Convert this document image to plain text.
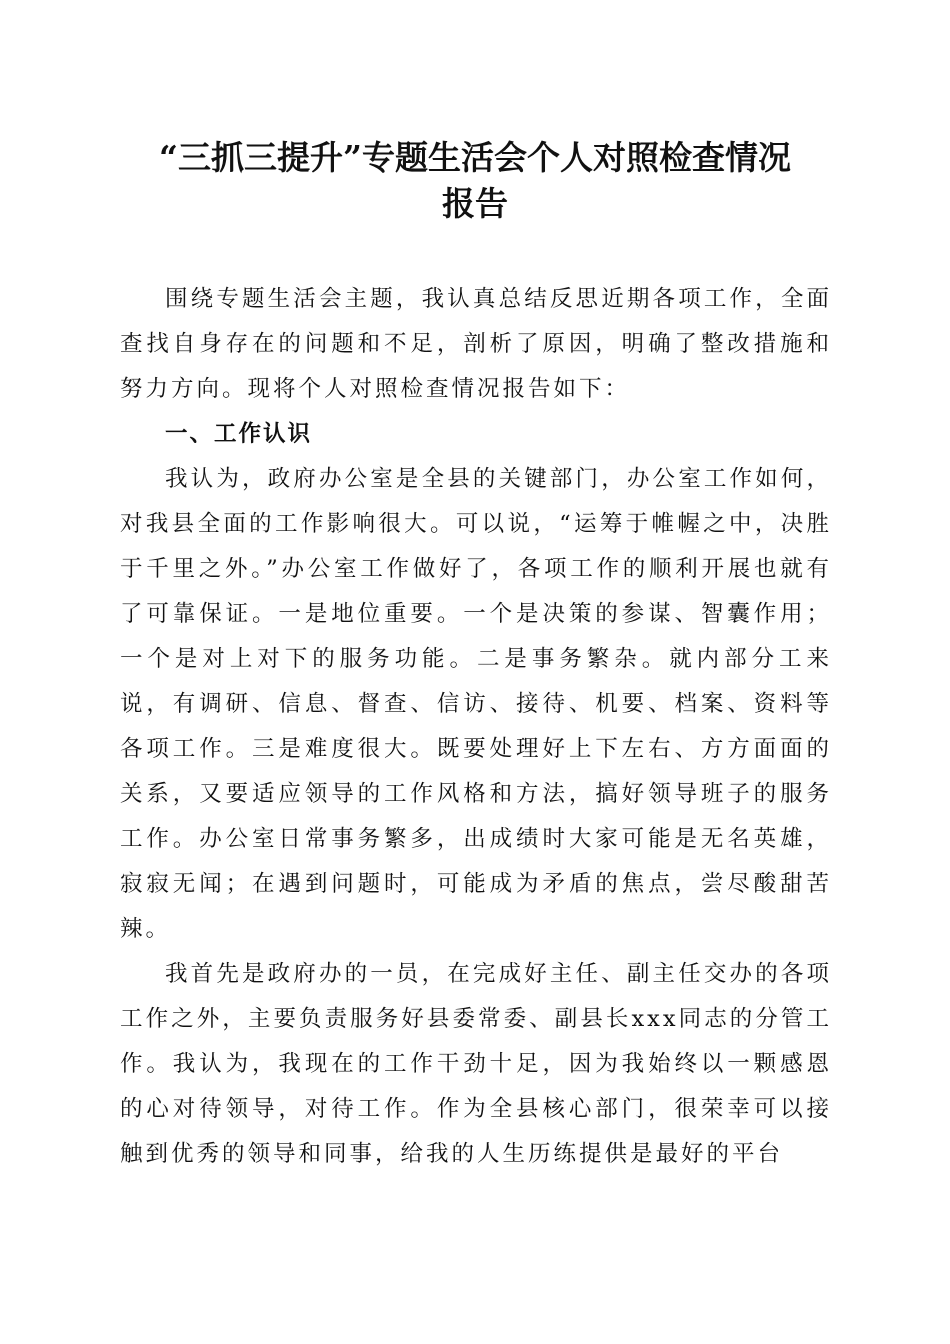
“三抓三提升”专题生活会个人对照检查情况
报告

围绕专题生活会主题，我认真总结反思近期各项工作，全面查找自身存在的问题和不足，剖析了原因，明确了整改措施和努力方向。现将个人对照检查情况报告如下：

一、工作认识

我认为，政府办公室是全县的关键部门，办公室工作如何，对我县全面的工作影响很大。可以说，“运筹于帷幄之中，决胜于千里之外。”办公室工作做好了，各项工作的顺利开展也就有了可靠保证。一是地位重要。一个是决策的参谋、智囊作用；一个是对上对下的服务功能。二是事务繁杂。就内部分工来说，有调研、信息、督查、信访、接待、机要、档案、资料等各项工作。三是难度很大。既要处理好上下左右、方方面面的关系，又要适应领导的工作风格和方法，搞好领导班子的服务工作。办公室日常事务繁多，出成绩时大家可能是无名英雄，寂寂无闻；在遇到问题时，可能成为矛盾的焦点，尝尽酸甜苦辣。

我首先是政府办的一员，在完成好主任、副主任交办的各项工作之外，主要负责服务好县委常委、副县长xxx同志的分管工作。我认为，我现在的工作干劲十足，因为我始终以一颗感恩的心对待领导，对待工作。作为全县核心部门，很荣幸可以接触到优秀的领导和同事，给我的人生历练提供是最好的平台
